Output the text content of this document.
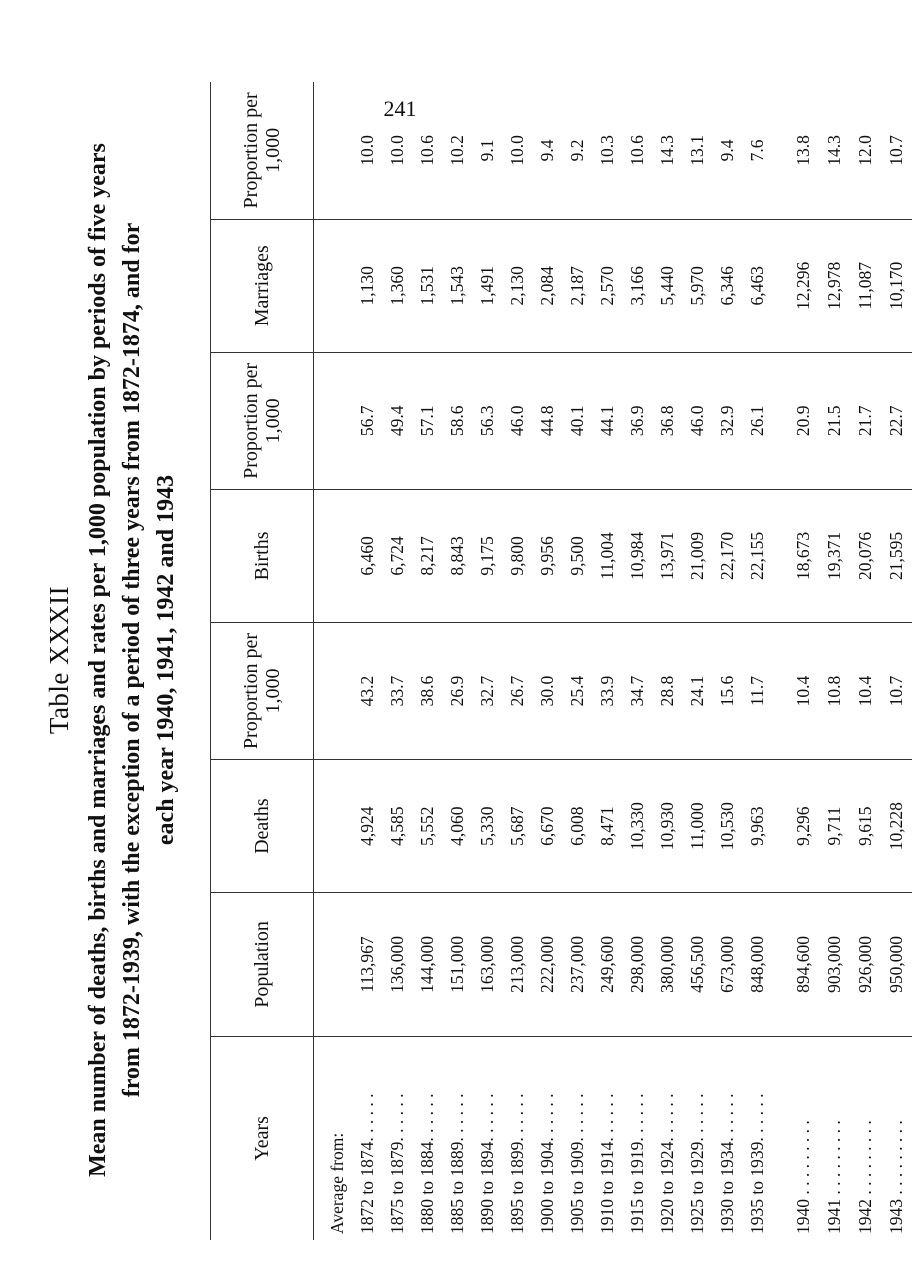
241
Table XXXII Mean number of deaths, births and marriages and rates per 1,000 population by periods of five years from 1872-1939, with the exception of a period of three years from 1872-1874, and for each year 1940, 1941, 1942 and 1943
Years	Population	Deaths	Proportion per 1,000	Births	Proportion per 1,000	Marriages	Proportion per 1,000
Average from:							
1872 to 1874. . . . . .	113,967	4,924	43.2	6,460	56.7	1,130	10.0
1875 to 1879. . . . . .	136,000	4,585	33.7	6,724	49.4	1,360	10.0
1880 to 1884. . . . . .	144,000	5,552	38.6	8,217	57.1	1,531	10.6
1885 to 1889. . . . . .	151,000	4,060	26.9	8,843	58.6	1,543	10.2
1890 to 1894. . . . . .	163,000	5,330	32.7	9,175	56.3	1,491	9.1
1895 to 1899. . . . . .	213,000	5,687	26.7	9,800	46.0	2,130	10.0
1900 to 1904. . . . . .	222,000	6,670	30.0	9,956	44.8	2,084	9.4
1905 to 1909. . . . . .	237,000	6,008	25.4	9,500	40.1	2,187	9.2
1910 to 1914. . . . . .	249,600	8,471	33.9	11,004	44.1	2,570	10.3
1915 to 1919. . . . . .	298,000	10,330	34.7	10,984	36.9	3,166	10.6
1920 to 1924. . . . . .	380,000	10,930	28.8	13,971	36.8	5,440	14.3
1925 to 1929. . . . . .	456,500	11,000	24.1	21,009	46.0	5,970	13.1
1930 to 1934. . . . . .	673,000	10,530	15.6	22,170	32.9	6,346	9.4
1935 to 1939. . . . . .	848,000	9,963	11.7	22,155	26.1	6,463	7.6

1940 . . . . . . . . .	894,600	9,296	10.4	18,673	20.9	12,296	13.8
1941 . . . . . . . . .	903,000	9,711	10.8	19,371	21.5	12,978	14.3
1942 . . . . . . . . .	926,000	9,615	10.4	20,076	21.7	11,087	12.0
1943 . . . . . . . . .	950,000	10,228	10.7	21,595	22.7	10,170	10.7
